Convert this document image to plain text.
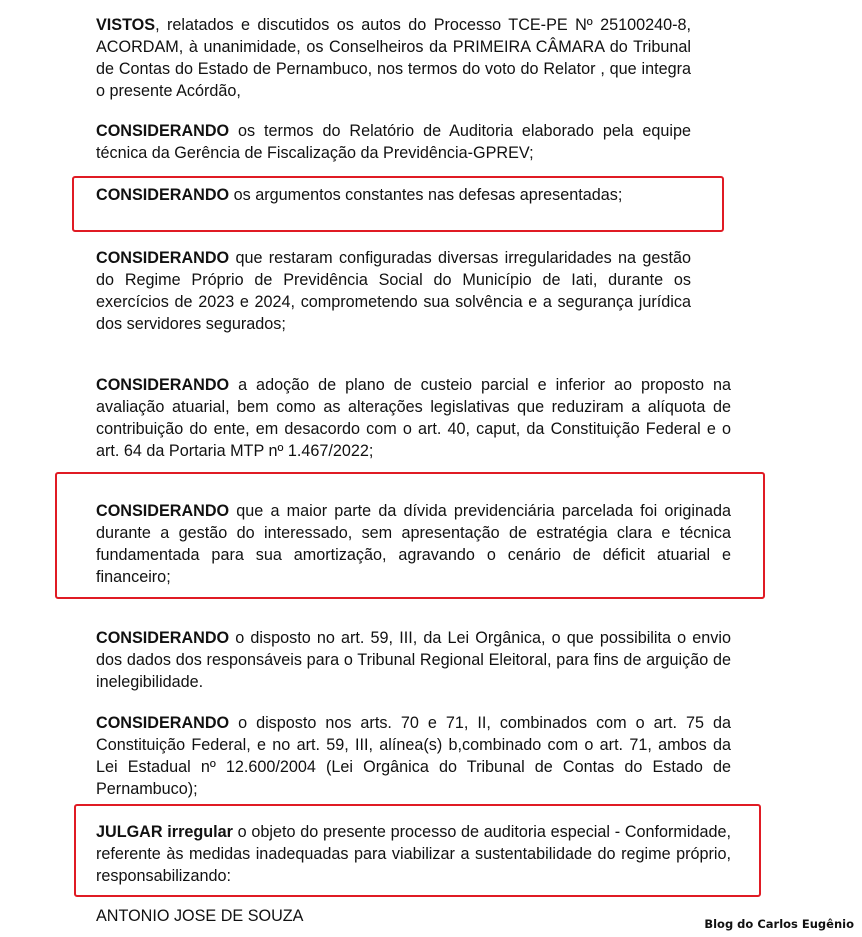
VISTOS, relatados e discutidos os autos do Processo TCE-PE Nº 25100240-8, ACORDAM, à unanimidade, os Conselheiros da PRIMEIRA CÂMARA do Tribunal de Contas do Estado de Pernambuco, nos termos do voto do Relator , que integra o presente Acórdão,

CONSIDERANDO os termos do Relatório de Auditoria elaborado pela equipe técnica da Gerência de Fiscalização da Previdência-GPREV;

CONSIDERANDO os argumentos constantes nas defesas apresentadas;

CONSIDERANDO que restaram configuradas diversas irregularidades na gestão do Regime Próprio de Previdência Social do Município de Iati, durante os exercícios de 2023 e 2024, comprometendo sua solvência e a segurança jurídica dos servidores segurados;

CONSIDERANDO a adoção de plano de custeio parcial e inferior ao proposto na avaliação atuarial, bem como as alterações legislativas que reduziram a alíquota de contribuição do ente, em desacordo com o art. 40, caput, da Constituição Federal e o art. 64 da Portaria MTP nº 1.467/2022;

CONSIDERANDO que a maior parte da dívida previdenciária parcelada foi originada durante a gestão do interessado, sem apresentação de estratégia clara e técnica fundamentada para sua amortização, agravando o cenário de déficit atuarial e financeiro;

CONSIDERANDO o disposto no art. 59, III, da Lei Orgânica, o que possibilita o envio dos dados dos responsáveis para o Tribunal Regional Eleitoral, para fins de arguição de inelegibilidade.

CONSIDERANDO o disposto nos arts. 70 e 71, II, combinados com o art. 75 da Constituição Federal, e no art. 59, III, alínea(s) b,combinado com o art. 71, ambos da Lei Estadual nº 12.600/2004 (Lei Orgânica do Tribunal de Contas do Estado de Pernambuco);

JULGAR irregular o objeto do presente processo de auditoria especial - Conformidade, referente às medidas inadequadas para viabilizar a sustentabilidade do regime próprio, responsabilizando:

ANTONIO JOSE DE SOUZA	Blog do Carlos Eugênio
